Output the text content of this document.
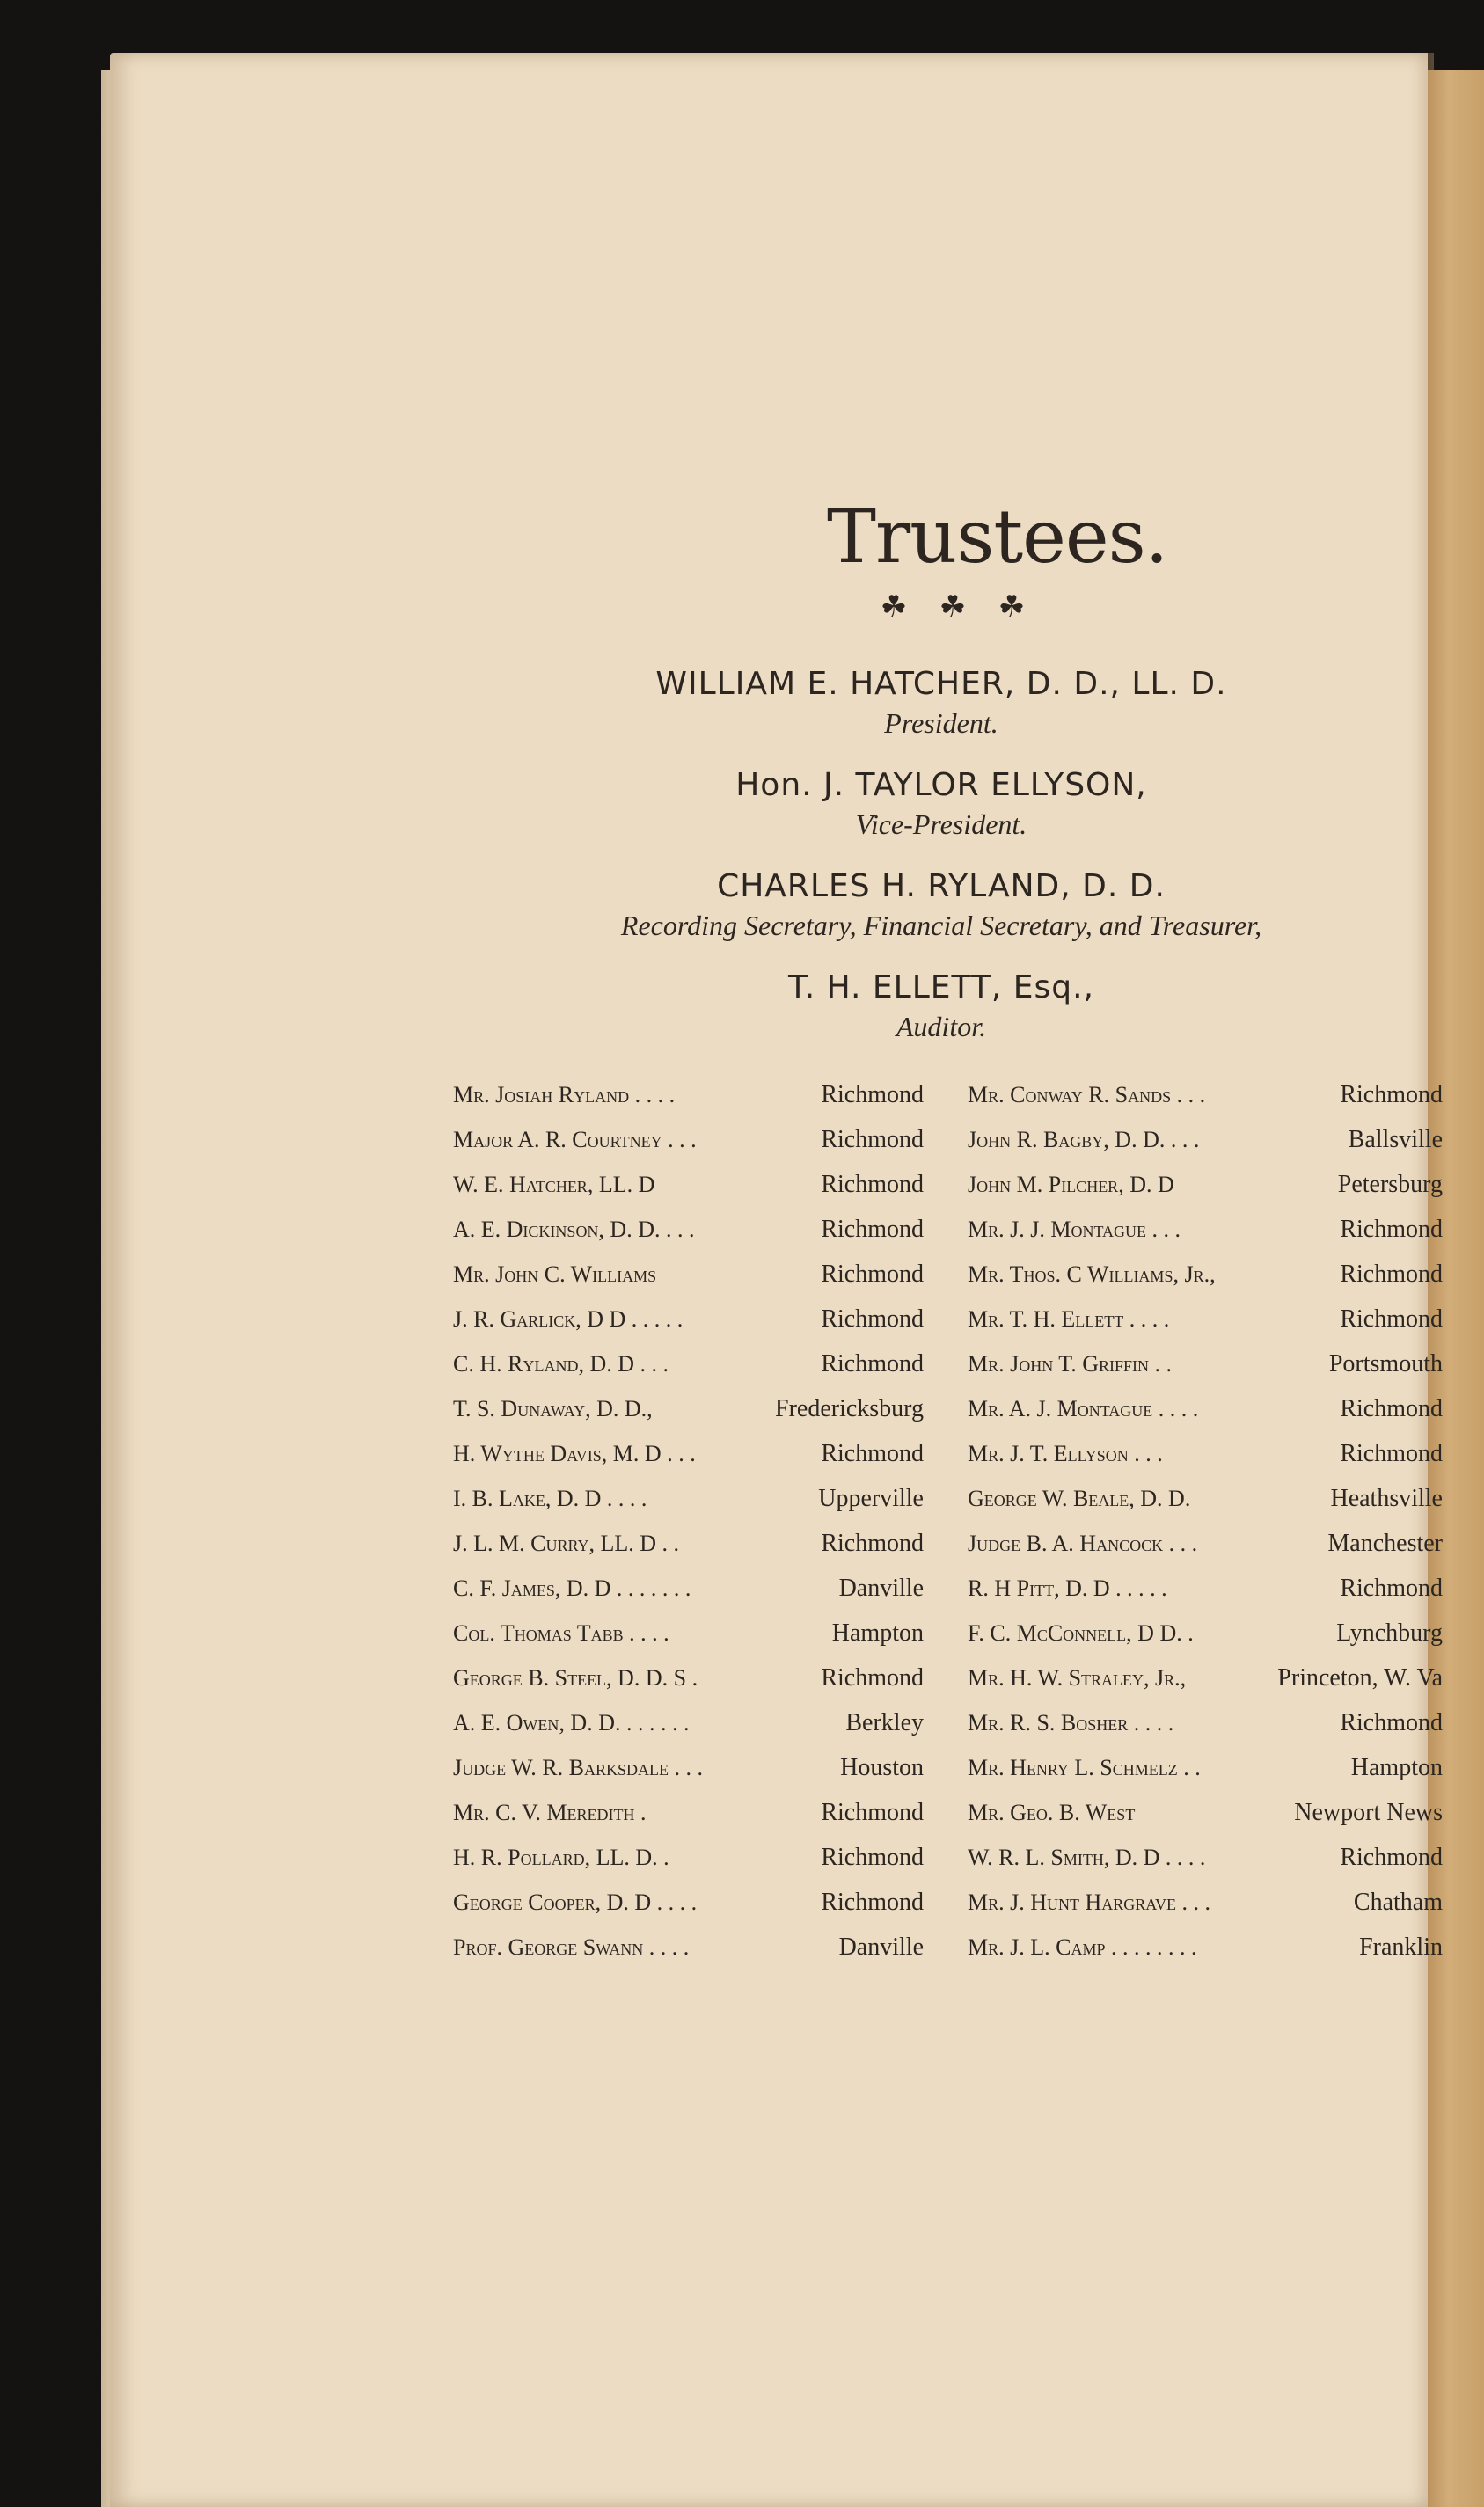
Trustees.
☘ ☘ ☘
WILLIAM E. HATCHER, D. D., LL. D.
President.
Hon. J. TAYLOR ELLYSON,
Vice-President.
CHARLES H. RYLAND, D. D.
Recording Secretary, Financial Secretary, and Treasurer,
T. H. ELLETT, Esq.,
Auditor.
Mr. Josiah Ryland . . . .	Richmond
Major A. R. Courtney . . .	Richmond
W. E. Hatcher, LL. D	Richmond
A. E. Dickinson, D. D. . . .	Richmond
Mr. John C. Williams	Richmond
J. R. Garlick, D D . . . . .	Richmond
C. H. Ryland, D. D . . .	Richmond
T. S. Dunaway, D. D.,	Fredericksburg
H. Wythe Davis, M. D . . .	Richmond
I. B. Lake, D. D . . . .	Upperville
J. L. M. Curry, LL. D . .	Richmond
C. F. James, D. D . . . . . . .	Danville
Col. Thomas Tabb . . . .	Hampton
George B. Steel, D. D. S .	Richmond
A. E. Owen, D. D. . . . . . .	Berkley
Judge W. R. Barksdale . . .	Houston
Mr. C. V. Meredith .	Richmond
H. R. Pollard, LL. D. .	Richmond
George Cooper, D. D . . . .	Richmond
Prof. George Swann . . . .	Danville
Mr. Conway R. Sands . . .	Richmond
John R. Bagby, D. D. . . .	Ballsville
John M. Pilcher, D. D	Petersburg
Mr. J. J. Montague . . .	Richmond
Mr. Thos. C Williams, Jr.,	Richmond
Mr. T. H. Ellett . . . .	Richmond
Mr. John T. Griffin . .	Portsmouth
Mr. A. J. Montague . . . .	Richmond
Mr. J. T. Ellyson . . .	Richmond
George W. Beale, D. D.	Heathsville
Judge B. A. Hancock . . .	Manchester
R. H Pitt, D. D . . . . .	Richmond
F. C. McConnell, D D. .	Lynchburg
Mr. H. W. Straley, Jr.,	Princeton, W. Va
Mr. R. S. Bosher . . . .	Richmond
Mr. Henry L. Schmelz . .	Hampton
Mr. Geo. B. West	Newport News
W. R. L. Smith, D. D . . . .	Richmond
Mr. J. Hunt Hargrave . . .	Chatham
Mr. J. L. Camp . . . . . . . .	Franklin
